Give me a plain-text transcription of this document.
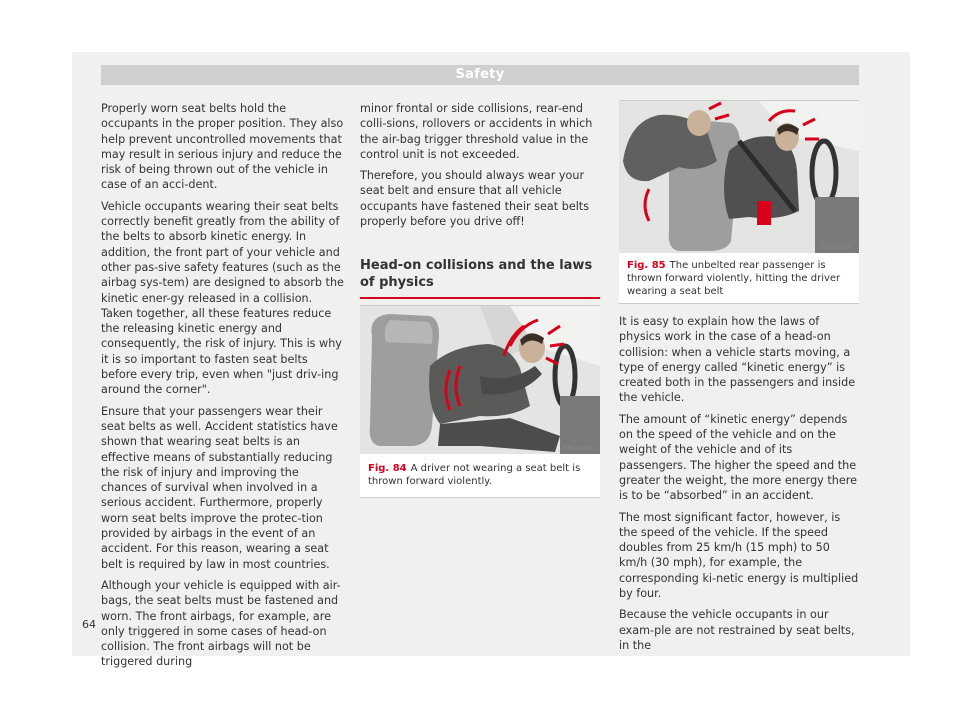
Safety

Properly worn seat belts hold the occupants in the proper position. They also help prevent uncontrolled movements that may result in serious injury and reduce the risk of being thrown out of the vehicle in case of an acci-dent.

Vehicle occupants wearing their seat belts correctly benefit greatly from the ability of the belts to absorb kinetic energy. In addition, the front part of your vehicle and other pas-sive safety features (such as the airbag sys-tem) are designed to absorb the kinetic ener-gy released in a collision. Taken together, all these features reduce the releasing kinetic energy and consequently, the risk of injury. This is why it is so important to fasten seat belts before every trip, even when "just driv-ing around the corner".

Ensure that your passengers wear their seat belts as well. Accident statistics have shown that wearing seat belts is an effective means of substantially reducing the risk of injury and improving the chances of survival when involved in a serious accident. Furthermore, properly worn seat belts improve the protec-tion provided by airbags in the event of an accident. For this reason, wearing a seat belt is required by law in most countries.

Although your vehicle is equipped with air-bags, the seat belts must be fastened and worn. The front airbags, for example, are only triggered in some cases of head-on collision. The front airbags will not be triggered during

minor frontal or side collisions, rear-end colli-sions, rollovers or accidents in which the air-bag trigger threshold value in the control unit is not exceeded.

Therefore, you should always wear your seat belt and ensure that all vehicle occupants have fastened their seat belts properly before you drive off!

Head-on collisions and the laws of physics
B5F-0293
Fig. 84 A driver not wearing a seat belt is thrown forward violently.
B5F-0294
Fig. 85 The unbelted rear passenger is thrown forward violently, hitting the driver wearing a seat belt

It is easy to explain how the laws of physics work in the case of a head-on collision: when a vehicle starts moving, a type of energy called “kinetic energy” is created both in the passengers and inside the vehicle.

The amount of “kinetic energy” depends on the speed of the vehicle and on the weight of the vehicle and of its passengers. The higher the speed and the greater the weight, the more energy there is to be “absorbed” in an accident.

The most significant factor, however, is the speed of the vehicle. If the speed doubles from 25 km/h (15 mph) to 50 km/h (30 mph), for example, the corresponding ki-netic energy is multiplied by four.

Because the vehicle occupants in our exam-ple are not restrained by seat belts, in the

64
